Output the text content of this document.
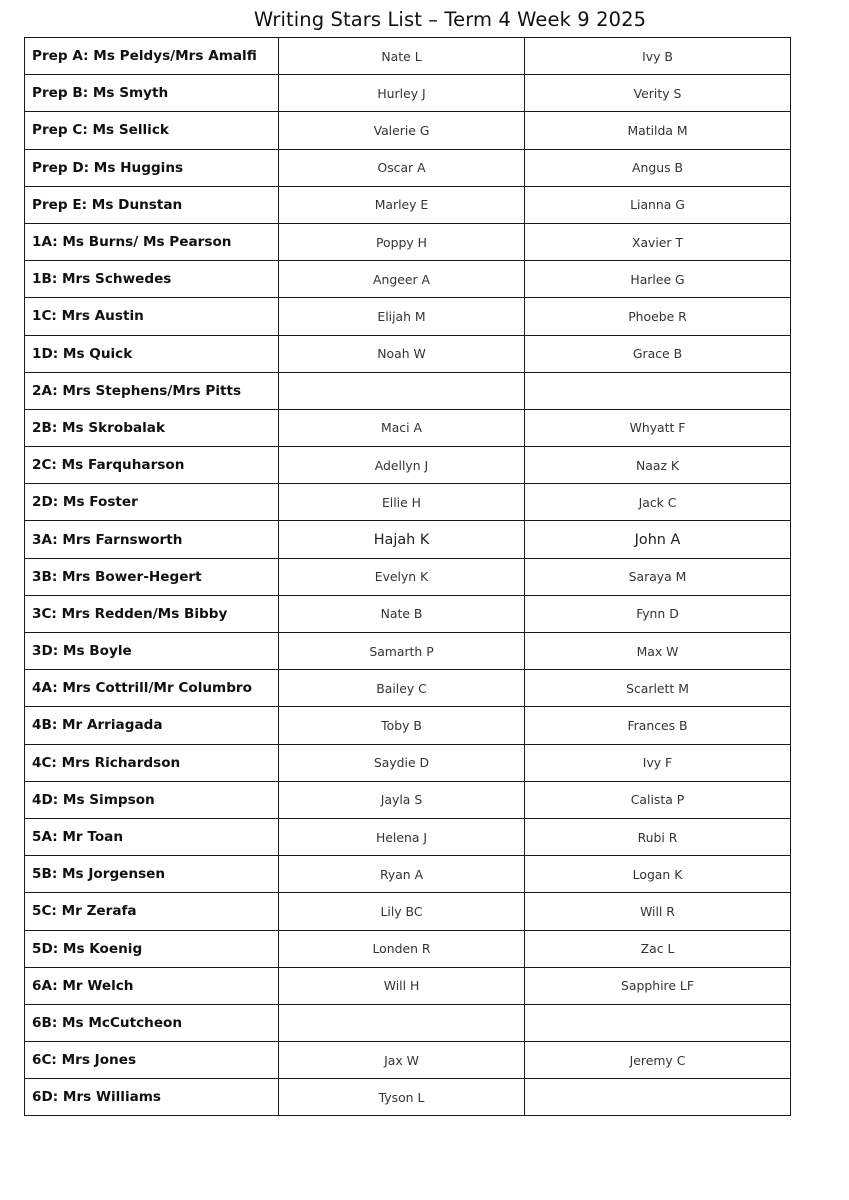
Writing Stars List – Term 4 Week 9 2025
Prep A: Ms Peldys/Mrs Amalfi	Nate L	Ivy B
Prep B: Ms Smyth	Hurley J	Verity S
Prep C: Ms Sellick	Valerie G	Matilda M
Prep D: Ms Huggins	Oscar A	Angus B
Prep E: Ms Dunstan	Marley E	Lianna G
1A: Ms Burns/ Ms Pearson	Poppy H	Xavier T
1B: Mrs Schwedes	Angeer A	Harlee G
1C: Mrs Austin	Elijah M	Phoebe R
1D: Ms Quick	Noah W	Grace B
2A: Mrs Stephens/Mrs Pitts		
2B: Ms Skrobalak	Maci A	Whyatt F
2C: Ms Farquharson	Adellyn J	Naaz K
2D: Ms Foster	Ellie H	Jack C
3A: Mrs Farnsworth	Hajah K	John A
3B: Mrs Bower-Hegert	Evelyn K	Saraya M
3C: Mrs Redden/Ms Bibby	Nate B	Fynn D
3D: Ms Boyle	Samarth P	Max W
4A: Mrs Cottrill/Mr Columbro	Bailey C	Scarlett M
4B: Mr Arriagada	Toby B	Frances B
4C: Mrs Richardson	Saydie D	Ivy F
4D: Ms Simpson	Jayla S	Calista P
5A: Mr Toan	Helena J	Rubi R
5B: Ms Jorgensen	Ryan A	Logan K
5C: Mr Zerafa	Lily BC	Will R
5D: Ms Koenig	Londen R	Zac L
6A: Mr Welch	Will H	Sapphire LF
6B: Ms McCutcheon		
6C: Mrs Jones	Jax W	Jeremy C
6D: Mrs Williams	Tyson L	
